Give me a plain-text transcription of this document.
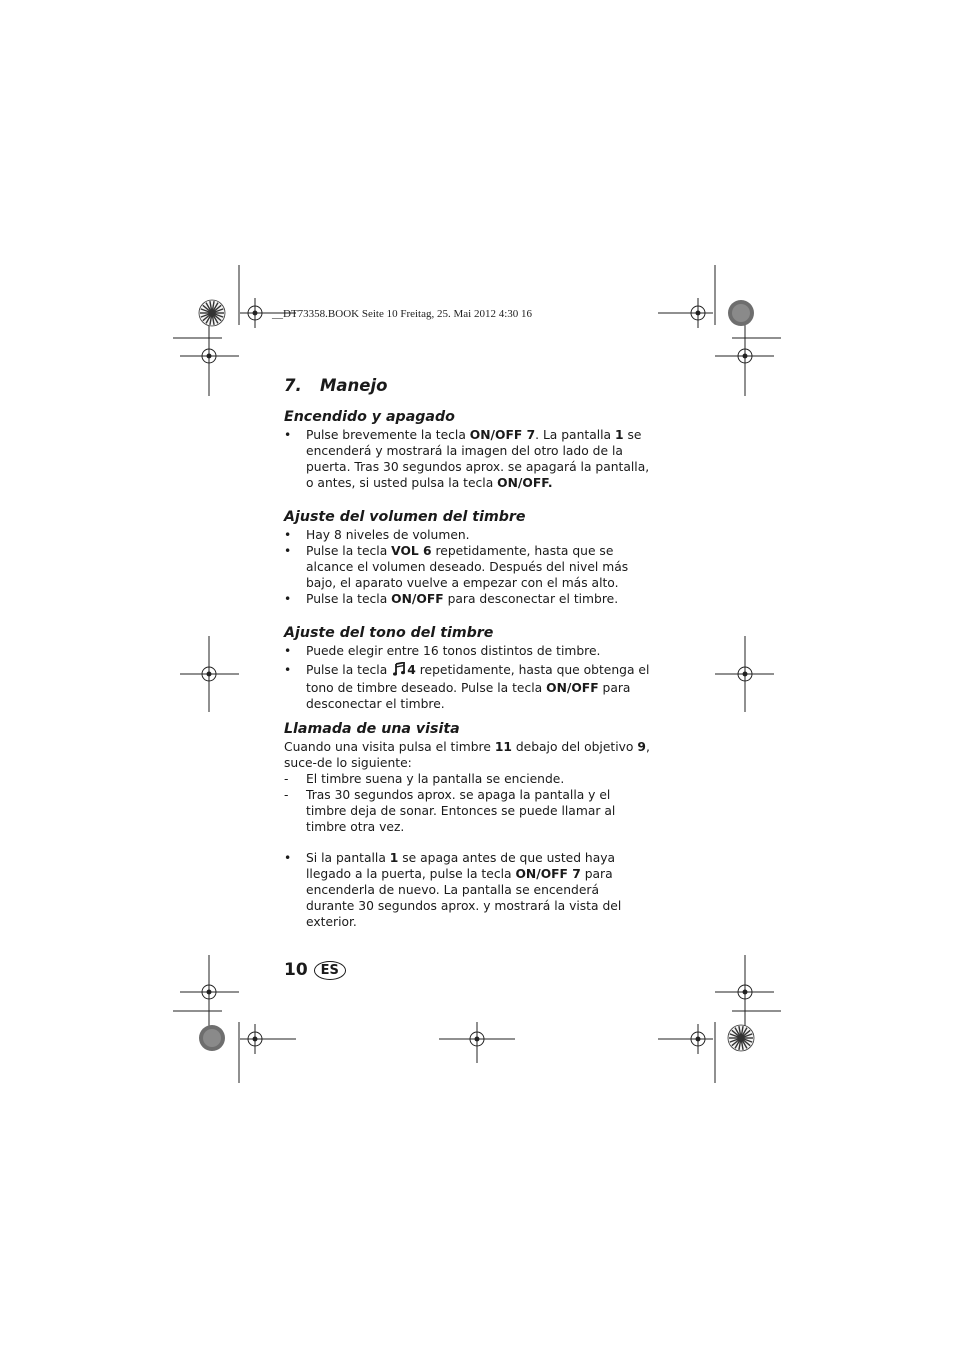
__DT73358.BOOK Seite 10 Freitag, 25. Mai 2012 4:30 16
7. Manejo
Encendido y apagado
• Pulse brevemente la tecla ON/OFF 7. La pantalla 1 se encenderá y mostrará la imagen del otro lado de la puerta. Tras 30 segundos aprox. se apagará la pantalla, o antes, si usted pulsa la tecla ON/OFF.
Ajuste del volumen del timbre
• Hay 8 niveles de volumen.
• Pulse la tecla VOL 6 repetidamente, hasta que se alcance el volumen deseado. Después del nivel más bajo, el aparato vuelve a empezar con el más alto.
• Pulse la tecla ON/OFF para desconectar el timbre.
Ajuste del tono del timbre
• Puede elegir entre 16 tonos distintos de timbre.
• Pulse la tecla 4 repetidamente, hasta que obtenga el tono de timbre deseado. Pulse la tecla ON/OFF para desconectar el timbre.
Llamada de una visita

Cuando una visita pulsa el timbre 11 debajo del objetivo 9, suce-de lo siguiente:

- El timbre suena y la pantalla se enciende.
- Tras 30 segundos aprox. se apaga la pantalla y el timbre deja de sonar. Entonces se puede llamar al timbre otra vez.
• Si la pantalla 1 se apaga antes de que usted haya llegado a la puerta, pulse la tecla ON/OFF 7 para encenderla de nuevo. La pantalla se encenderá durante 30 segundos aprox. y mostrará la vista del exterior.
10	ES
